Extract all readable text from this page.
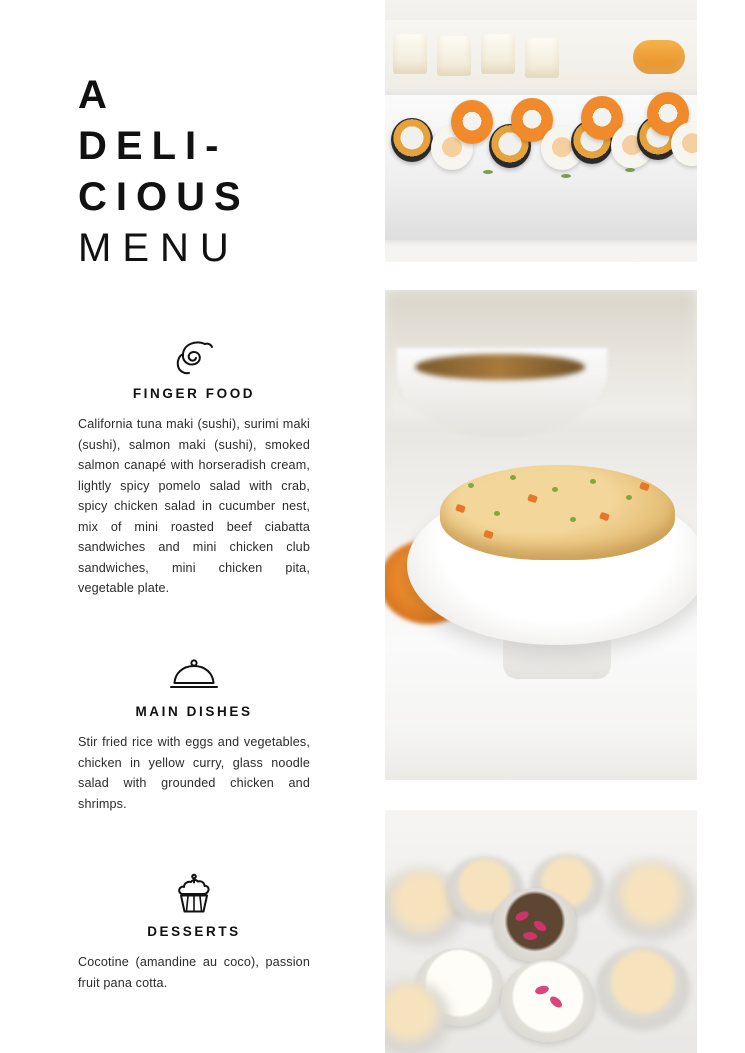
A
DELI-
CIOUS
MENU
FINGER FOOD
California tuna maki (sushi), surimi maki (sushi), salmon maki (sushi), smoked salmon canapé with horseradish cream, lightly spicy pomelo salad with crab, spicy chicken salad in cucumber nest, mix of mini roasted beef ciabatta sandwiches and mini chicken club sandwiches, mini chicken pita, vegetable plate.
MAIN DISHES
Stir fried rice with eggs and vegetables, chicken in yellow curry, glass noodle salad with grounded chicken and shrimps.
DESSERTS
Cocotine (amandine au coco), passion fruit pana cotta.
